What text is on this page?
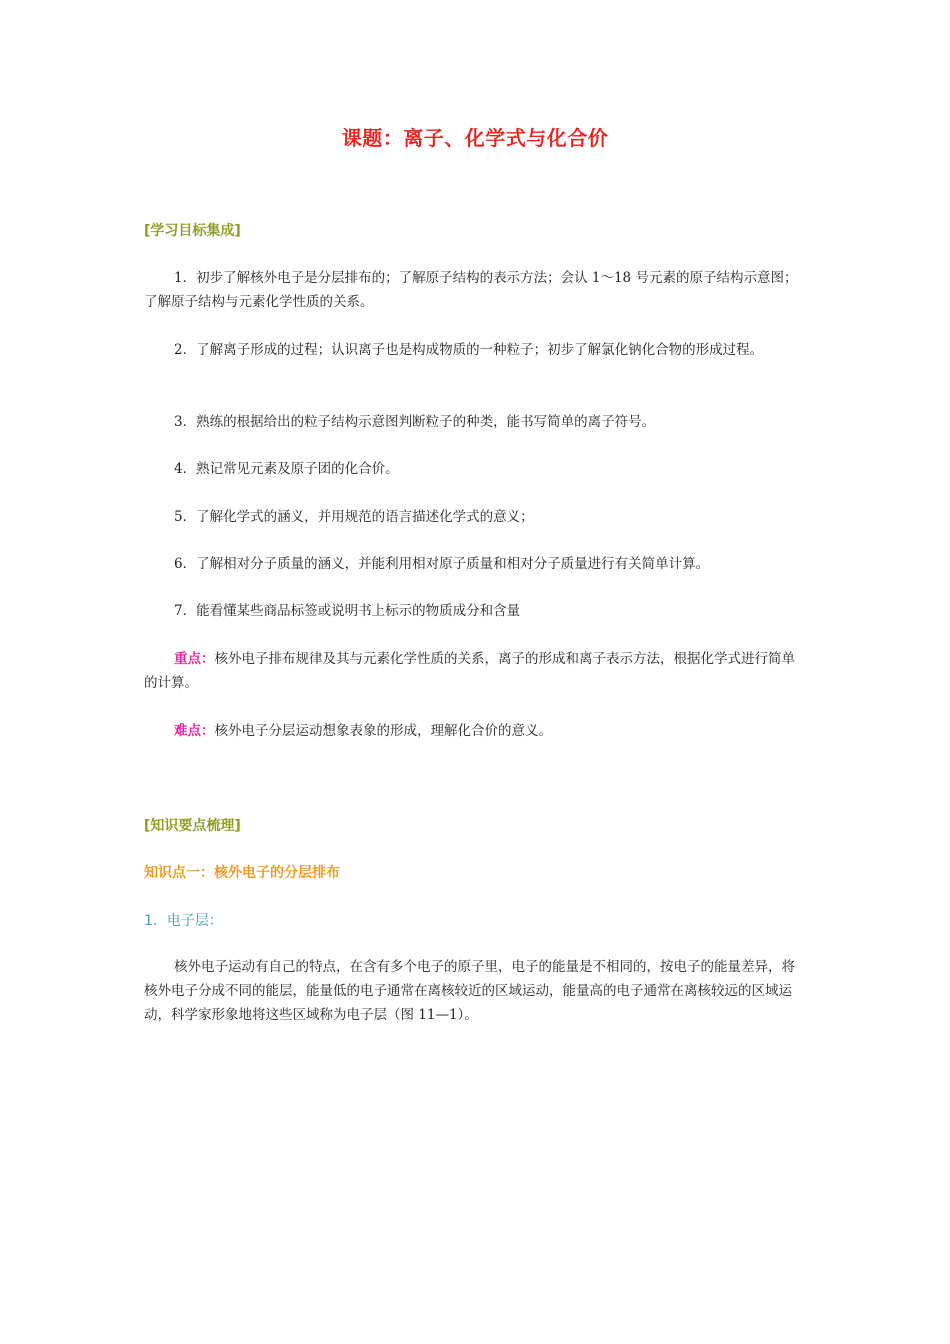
课题：离子、化学式与化合价
[学习目标集成]
1．初步了解核外电子是分层排布的；了解原子结构的表示方法；会认 1～18 号元素的原子结构示意图；了解原子结构与元素化学性质的关系。
2．了解离子形成的过程；认识离子也是构成物质的一种粒子；初步了解氯化钠化合物的形成过程。
3．熟练的根据给出的粒子结构示意图判断粒子的种类，能书写简单的离子符号。
4．熟记常见元素及原子团的化合价。
5．了解化学式的涵义，并用规范的语言描述化学式的意义；
6．了解相对分子质量的涵义，并能利用相对原子质量和相对分子质量进行有关简单计算。
7．能看懂某些商品标签或说明书上标示的物质成分和含量
重点：核外电子排布规律及其与元素化学性质的关系，离子的形成和离子表示方法，根据化学式进行简单的计算。
难点：核外电子分层运动想象表象的形成，理解化合价的意义。
[知识要点梳理]
知识点一：核外电子的分层排布
1．电子层：
核外电子运动有自己的特点，在含有多个电子的原子里，电子的能量是不相同的，按电子的能量差异，将核外电子分成不同的能层，能量低的电子通常在离核较近的区域运动，能量高的电子通常在离核较远的区域运动，科学家形象地将这些区域称为电子层（图 11—1）。
